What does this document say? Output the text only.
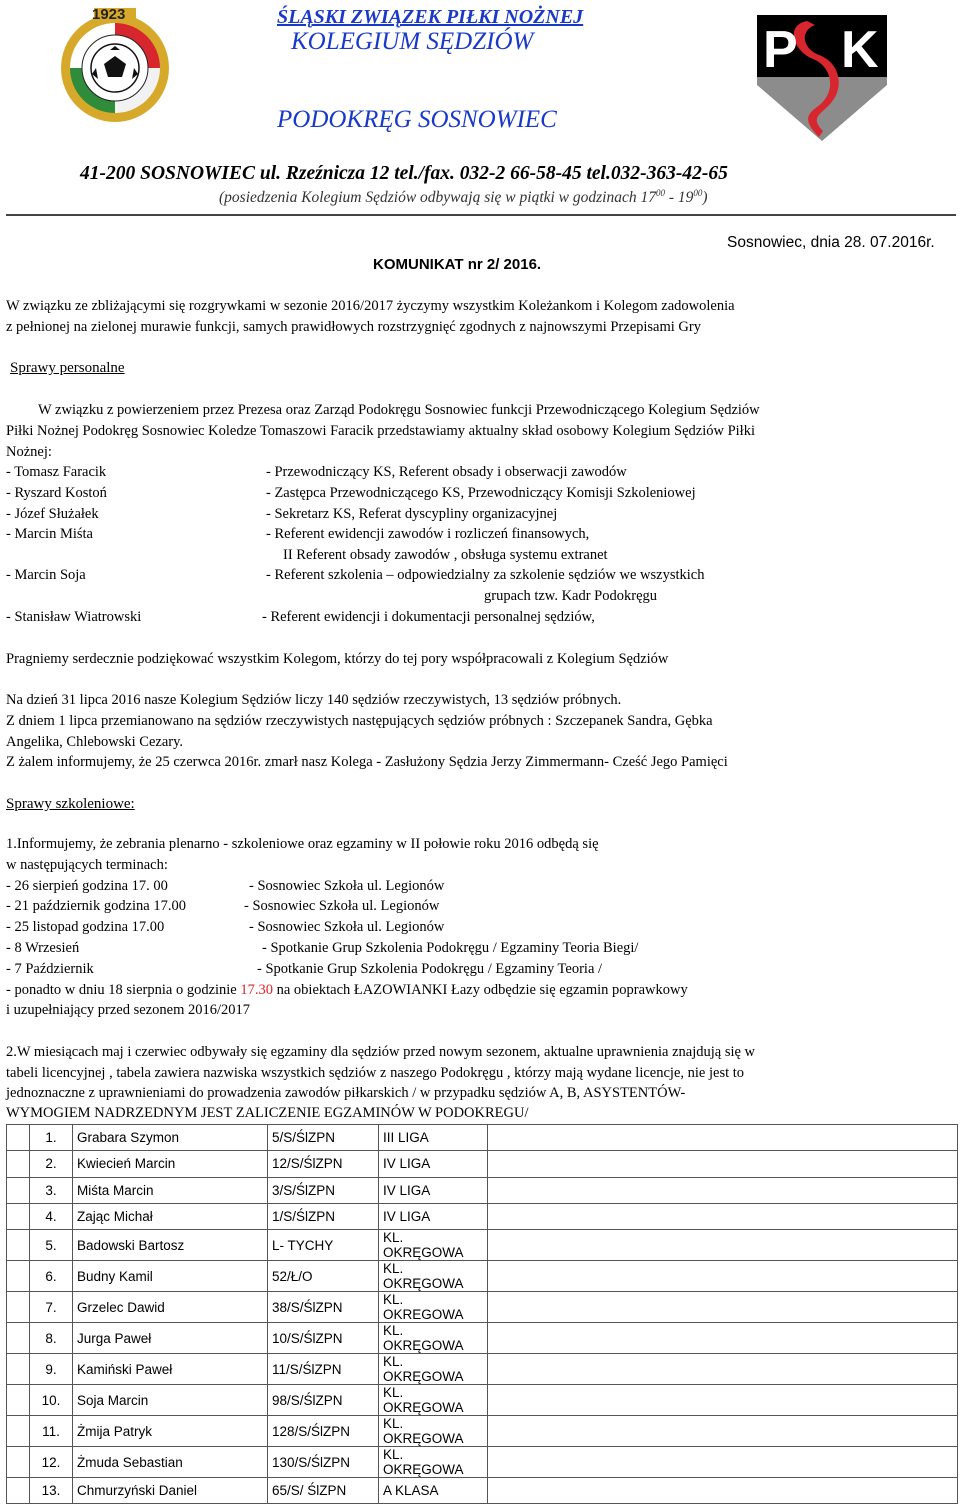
1923
P K
ŚLĄSKI ZWIĄZEK PIŁKI NOŻNEJ
KOLEGIUM SĘDZIÓW
PODOKRĘG SOSNOWIEC
41-200 SOSNOWIEC ul. Rzeźnicza 12 tel./fax. 032-2 66-58-45 tel.032-363-42-65
(posiedzenia Kolegium Sędziów odbywają się w piątki w godzinach $17^{00} - 19^{00}$)
KOMUNIKAT nr 2/ 2016.
Sosnowiec, dnia 28. 07.2016r.
W związku ze zbliżającymi się rozgrywkami w sezonie 2016/2017 życzymy wszystkim Koleżankom i Kolegom zadowolenia
z pełnionej na zielonej murawie funkcji, samych prawidłowych rozstrzygnięć zgodnych z najnowszymi Przepisami Gry
Sprawy personalne
W związku z powierzeniem przez Prezesa oraz Zarząd Podokręgu Sosnowiec funkcji Przewodniczącego Kolegium Sędziów
Piłki Nożnej Podokręg Sosnowiec Koledze Tomaszowi Faracik przedstawiamy aktualny skład osobowy Kolegium Sędziów Piłki
Nożnej:
- Tomasz Faracik	- Przewodniczący KS, Referent obsady i obserwacji zawodów
- Ryszard Kostoń	- Zastępca Przewodniczącego KS, Przewodniczący Komisji Szkoleniowej
- Józef Służałek	- Sekretarz KS, Referat dyscypliny organizacyjnej
- Marcin Miśta	- Referent ewidencji zawodów i rozliczeń finansowych,
II Referent obsady zawodów , obsługa systemu extranet
- Marcin Soja	- Referent szkolenia – odpowiedzialny za szkolenie sędziów we wszystkich
grupach tzw. Kadr Podokręgu
- Stanisław Wiatrowski	- Referent ewidencji i dokumentacji personalnej sędziów,
Pragniemy serdecznie podziękować wszystkim Kolegom, którzy do tej pory współpracowali z Kolegium Sędziów
Na dzień 31 lipca 2016 nasze Kolegium Sędziów liczy 140 sędziów rzeczywistych, 13 sędziów próbnych.
Z dniem 1 lipca przemianowano na sędziów rzeczywistych następujących sędziów próbnych : Szczepanek Sandra, Gębka
Angelika, Chlebowski Cezary.
Z żalem informujemy, że 25 czerwca 2016r. zmarł nasz Kolega - Zasłużony Sędzia Jerzy Zimmermann- Cześć Jego Pamięci
Sprawy szkoleniowe:
1.Informujemy, że zebrania plenarno - szkoleniowe oraz egzaminy w II połowie roku 2016 odbędą się
w następujących terminach:
- 26 sierpień godzina 17. 00	- Sosnowiec Szkoła ul. Legionów
- 21 październik godzina 17.00	- Sosnowiec Szkoła ul. Legionów
- 25 listopad godzina 17.00	- Sosnowiec Szkoła ul. Legionów
- 8 Wrzesień	- Spotkanie Grup Szkolenia Podokręgu / Egzaminy Teoria Biegi/
- 7 Październik	- Spotkanie Grup Szkolenia Podokręgu / Egzaminy Teoria /
- ponadto w dniu 18 sierpnia o godzinie 17.30 na obiektach ŁAZOWIANKI Łazy odbędzie się egzamin poprawkowy
i uzupełniający przed sezonem 2016/2017
2.W miesiącach maj i czerwiec odbywały się egzaminy dla sędziów przed nowym sezonem, aktualne uprawnienia znajdują się w
tabeli licencyjnej , tabela zawiera nazwiska wszystkich sędziów z naszego Podokręgu , którzy mają wydane licencje, nie jest to
jednoznaczne z uprawnieniami do prowadzenia zawodów piłkarskich / w przypadku sędziów A, B, ASYSTENTÓW-
WYMOGIEM NADRZEDNYM JEST ZALICZENIE EGZAMINÓW W PODOKREGU/
	1.	Grabara Szymon	5/S/ŚlZPN	III LIGA	
	2.	Kwiecień Marcin	12/S/ŚlZPN	IV LIGA	
	3.	Miśta Marcin	3/S/ŚlZPN	IV LIGA	
	4.	Zając Michał	1/S/ŚlZPN	IV LIGA	
	5.	Badowski Bartosz	L- TYCHY	KL. OKRĘGOWA	
	6.	Budny Kamil	52/Ł/O	KL. OKRĘGOWA	
	7.	Grzelec Dawid	38/S/ŚlZPN	KL. OKREGOWA	
	8.	Jurga Paweł	10/S/ŚlZPN	KL. OKRĘGOWA	
	9.	Kamiński Paweł	11/S/ŚlZPN	KL. OKRĘGOWA	
	10.	Soja Marcin	98/S/ŚlZPN	KL. OKRĘGOWA	
	11.	Żmija Patryk	128/S/ŚlZPN	KL. OKRĘGOWA	
	12.	Żmuda Sebastian	130/S/ŚlZPN	KL. OKRĘGOWA	
	13.	Chmurzyński Daniel	65/S/ ŚlZPN	A KLASA	
